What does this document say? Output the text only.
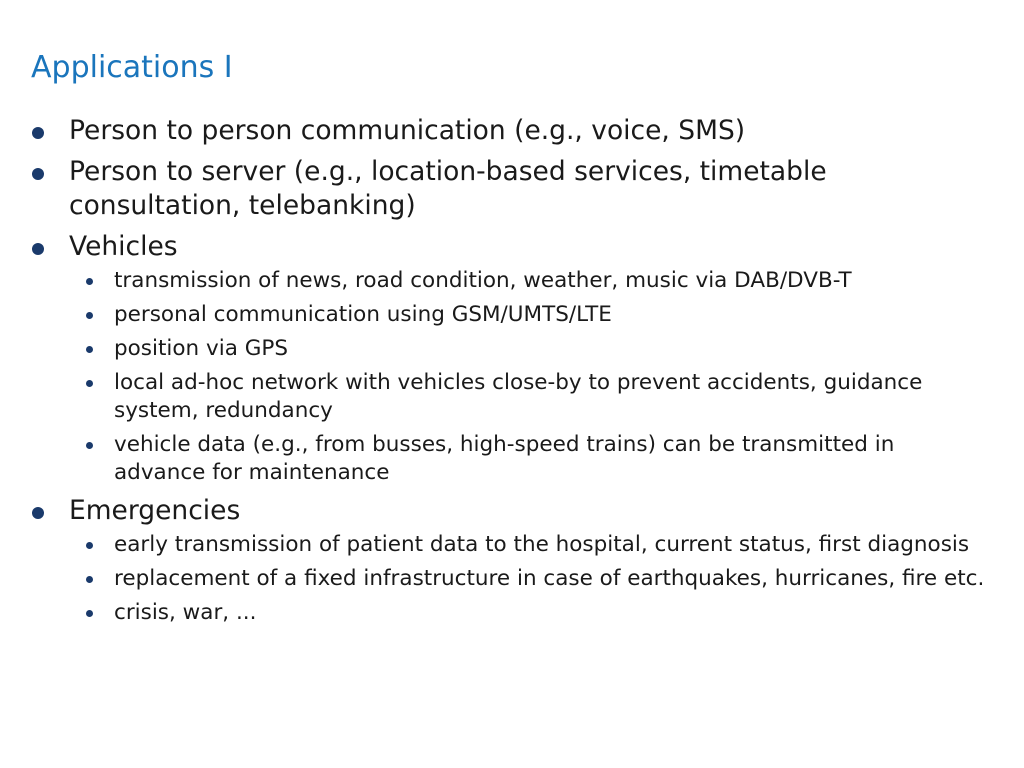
Applications I
Person to person communication (e.g., voice, SMS)
Person to server (e.g., location-based services, timetable consultation, telebanking)
Vehicles
transmission of news, road condition, weather, music via DAB/DVB-T
personal communication using GSM/UMTS/LTE
position via GPS
local ad-hoc network with vehicles close-by to prevent accidents, guidance system, redundancy
vehicle data (e.g., from busses, high-speed trains) can be transmitted in advance for maintenance
Emergencies
early transmission of patient data to the hospital, current status, first diagnosis
replacement of a fixed infrastructure in case of earthquakes, hurricanes, fire etc.
crisis, war, ...
